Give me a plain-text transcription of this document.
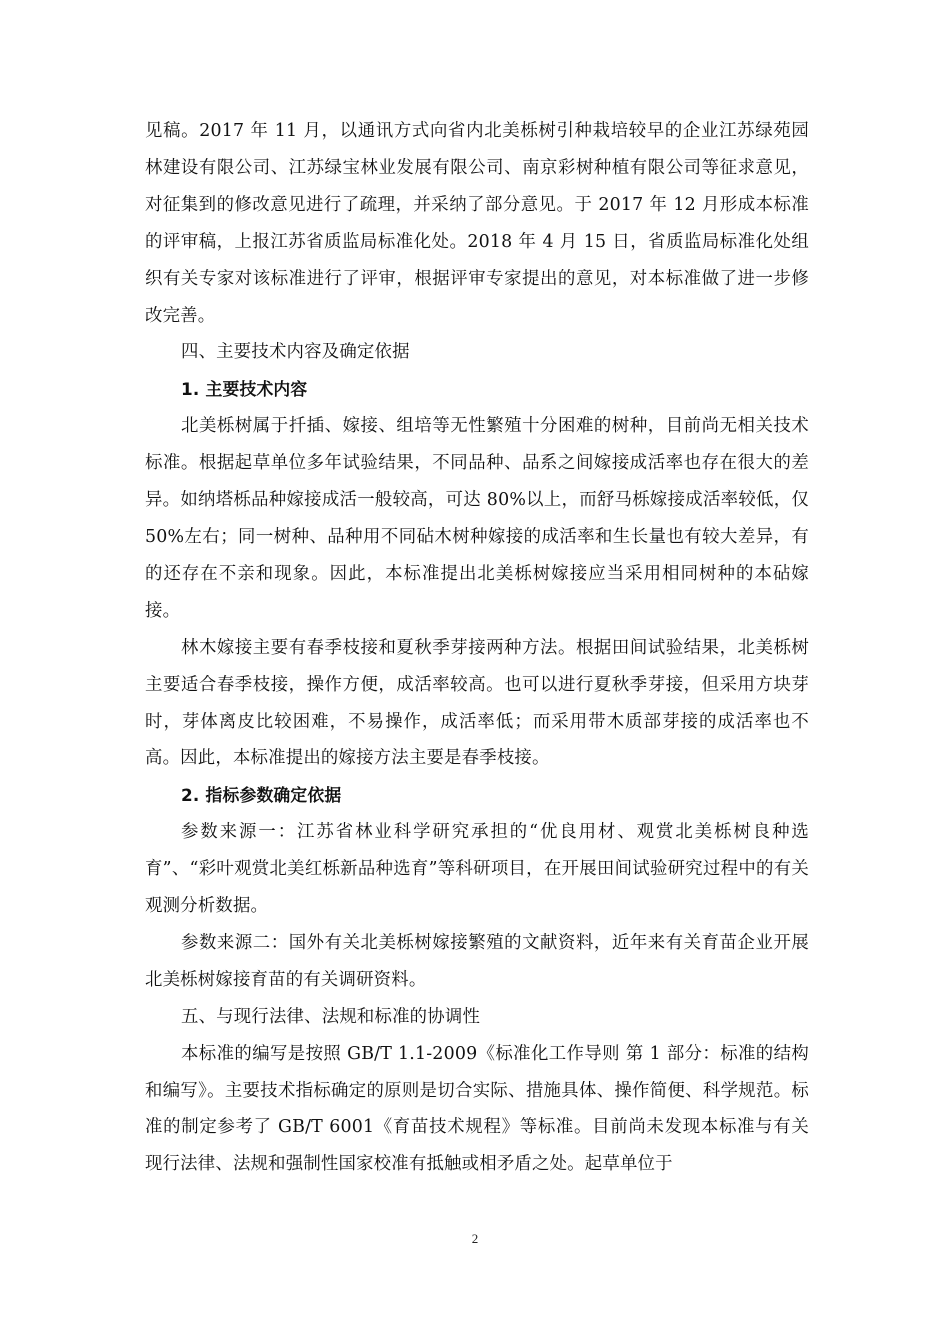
见稿。2017 年 11 月，以通讯方式向省内北美栎树引种栽培较早的企业江苏绿苑园林建设有限公司、江苏绿宝林业发展有限公司、南京彩树种植有限公司等征求意见，对征集到的修改意见进行了疏理，并采纳了部分意见。于 2017 年 12 月形成本标准的评审稿，上报江苏省质监局标准化处。2018 年 4 月 15 日，省质监局标准化处组织有关专家对该标准进行了评审，根据评审专家提出的意见，对本标准做了进一步修改完善。

四、主要技术内容及确定依据

1. 主要技术内容

北美栎树属于扦插、嫁接、组培等无性繁殖十分困难的树种，目前尚无相关技术标准。根据起草单位多年试验结果，不同品种、品系之间嫁接成活率也存在很大的差异。如纳塔栎品种嫁接成活一般较高，可达 80%以上，而舒马栎嫁接成活率较低，仅 50%左右；同一树种、品种用不同砧木树种嫁接的成活率和生长量也有较大差异，有的还存在不亲和现象。因此，本标准提出北美栎树嫁接应当采用相同树种的本砧嫁接。

林木嫁接主要有春季枝接和夏秋季芽接两种方法。根据田间试验结果，北美栎树主要适合春季枝接，操作方便，成活率较高。也可以进行夏秋季芽接，但采用方块芽时，芽体离皮比较困难，不易操作，成活率低；而采用带木质部芽接的成活率也不高。因此，本标准提出的嫁接方法主要是春季枝接。

2. 指标参数确定依据

参数来源一：江苏省林业科学研究承担的“优良用材、观赏北美栎树良种选育”、“彩叶观赏北美红栎新品种选育”等科研项目，在开展田间试验研究过程中的有关观测分析数据。

参数来源二：国外有关北美栎树嫁接繁殖的文献资料，近年来有关育苗企业开展北美栎树嫁接育苗的有关调研资料。

五、与现行法律、法规和标准的协调性

本标准的编写是按照 GB/T 1.1-2009《标准化工作导则 第 1 部分：标准的结构和编写》。主要技术指标确定的原则是切合实际、措施具体、操作简便、科学规范。标准的制定参考了 GB/T 6001《育苗技术规程》等标准。目前尚未发现本标准与有关现行法律、法规和强制性国家校准有抵触或相矛盾之处。起草单位于

2
